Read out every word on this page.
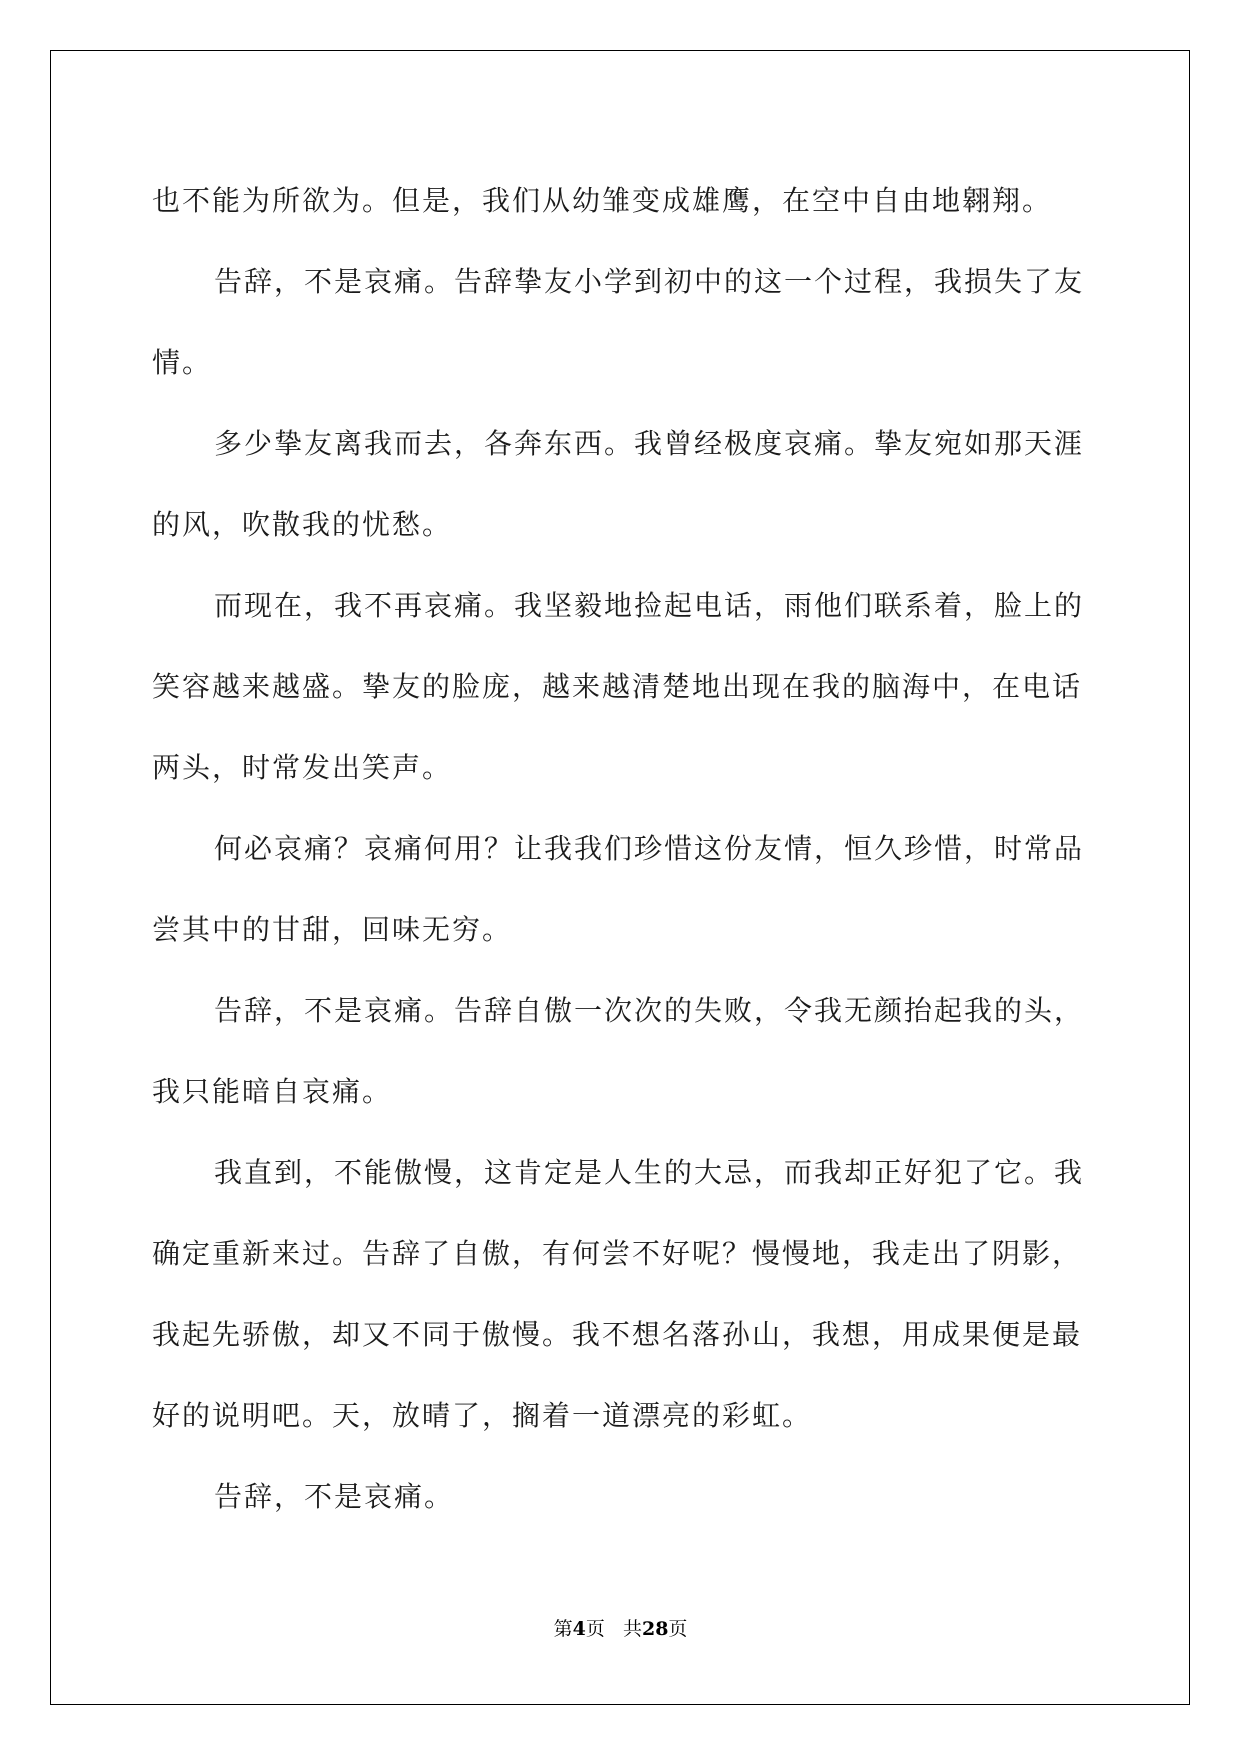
也不能为所欲为。但是，我们从幼雏变成雄鹰，在空中自由地翱翔。

告辞，不是哀痛。告辞挚友小学到初中的这一个过程，我损失了友情。

多少挚友离我而去，各奔东西。我曾经极度哀痛。挚友宛如那天涯的风，吹散我的忧愁。

而现在，我不再哀痛。我坚毅地捡起电话，雨他们联系着，脸上的笑容越来越盛。挚友的脸庞，越来越清楚地出现在我的脑海中，在电话两头，时常发出笑声。

何必哀痛？哀痛何用？让我我们珍惜这份友情，恒久珍惜，时常品尝其中的甘甜，回味无穷。

告辞，不是哀痛。告辞自傲一次次的失败，令我无颜抬起我的头，我只能暗自哀痛。

我直到，不能傲慢，这肯定是人生的大忌，而我却正好犯了它。我确定重新来过。告辞了自傲，有何尝不好呢？慢慢地，我走出了阴影，我起先骄傲，却又不同于傲慢。我不想名落孙山，我想，用成果便是最好的说明吧。天，放晴了，搁着一道漂亮的彩虹。

告辞，不是哀痛。

第4页 共28页
